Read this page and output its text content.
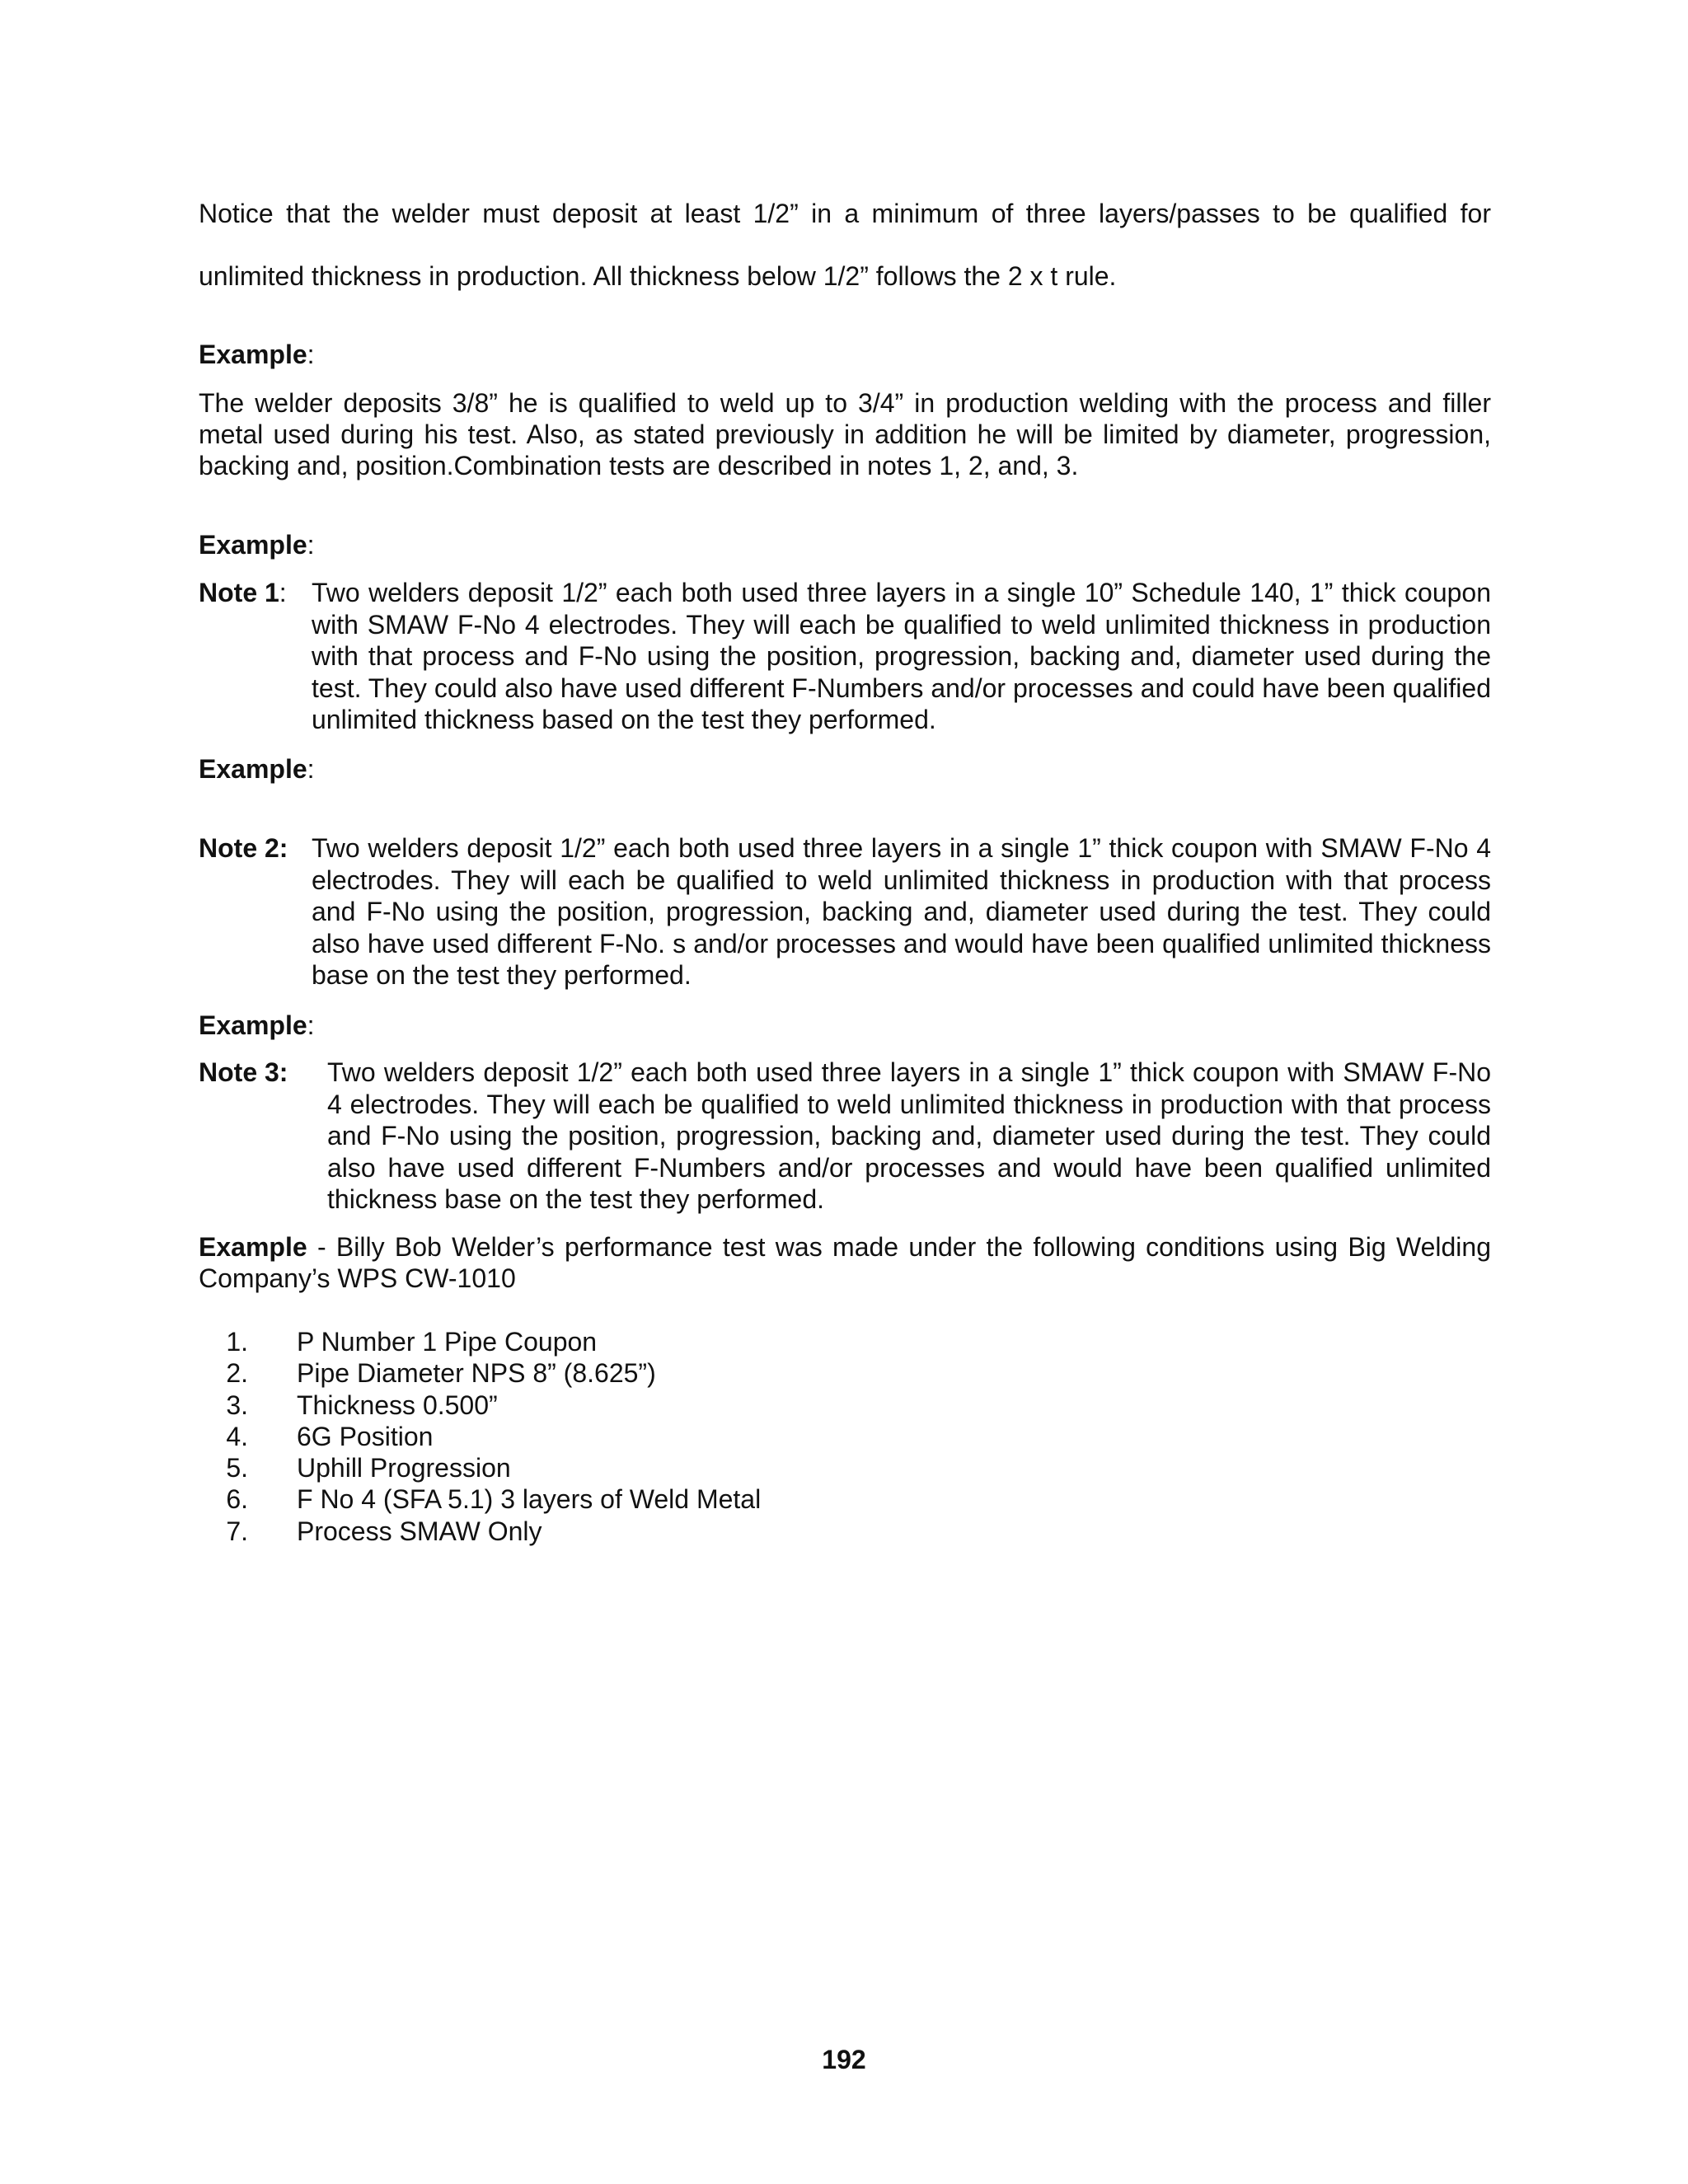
Notice that the welder must deposit at least 1/2” in a minimum of three layers/passes to be qualified for

unlimited thickness in production. All thickness below 1/2” follows the 2 x t rule.

Example:

The welder deposits 3/8” he is qualified to weld up to 3/4” in production welding with the process and filler metal used during his test. Also, as stated previously in addition he will be limited by diameter, progression, backing and, position.Combination tests are described in notes 1, 2, and, 3.

Example:

Note 1: Two welders deposit 1/2” each both used three layers in a single 10” Schedule 140, 1” thick coupon with SMAW F-No 4 electrodes. They will each be qualified to weld unlimited thickness in production with that process and F-No using the position, progression, backing and, diameter used during the test. They could also have used different F-Numbers and/or processes and could have been qualified unlimited thickness based on the test they performed.

Example:

Note 2: Two welders deposit 1/2” each both used three layers in a single 1” thick coupon with SMAW F-No 4 electrodes. They will each be qualified to weld unlimited thickness in production with that process and F-No using the position, progression, backing and, diameter used during the test. They could also have used different F-No. s and/or processes and would have been qualified unlimited thickness base on the test they performed.

Example:

Note 3: Two welders deposit 1/2” each both used three layers in a single 1” thick coupon with SMAW F-No 4 electrodes. They will each be qualified to weld unlimited thickness in production with that process and F-No using the position, progression, backing and, diameter used during the test. They could also have used different F-Numbers and/or processes and would have been qualified unlimited thickness base on the test they performed.

Example - Billy Bob Welder’s performance test was made under the following conditions using Big Welding Company’s WPS CW-1010

1. P Number 1 Pipe Coupon
2. Pipe Diameter NPS 8” (8.625”)
3. Thickness 0.500”
4. 6G Position
5. Uphill Progression
6. F No 4 (SFA 5.1) 3 layers of Weld Metal
7. Process SMAW Only
192
